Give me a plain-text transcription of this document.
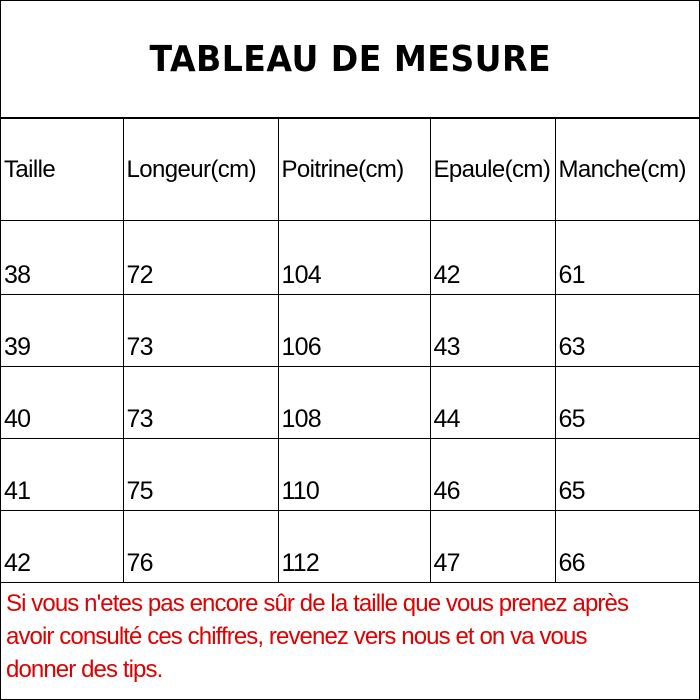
TABLEAU DE MESURE
Taille	Longeur(cm)	Poitrine(cm)	Epaule(cm)	Manche(cm)
38	72	104	42	61
39	73	106	43	63
40	73	108	44	65
41	75	110	46	65
42	76	112	47	66
Si vous n'etes pas encore sûr de la taille que vous prenez après
avoir consulté ces chiffres, revenez vers nous et on va vous
donner des tips.
